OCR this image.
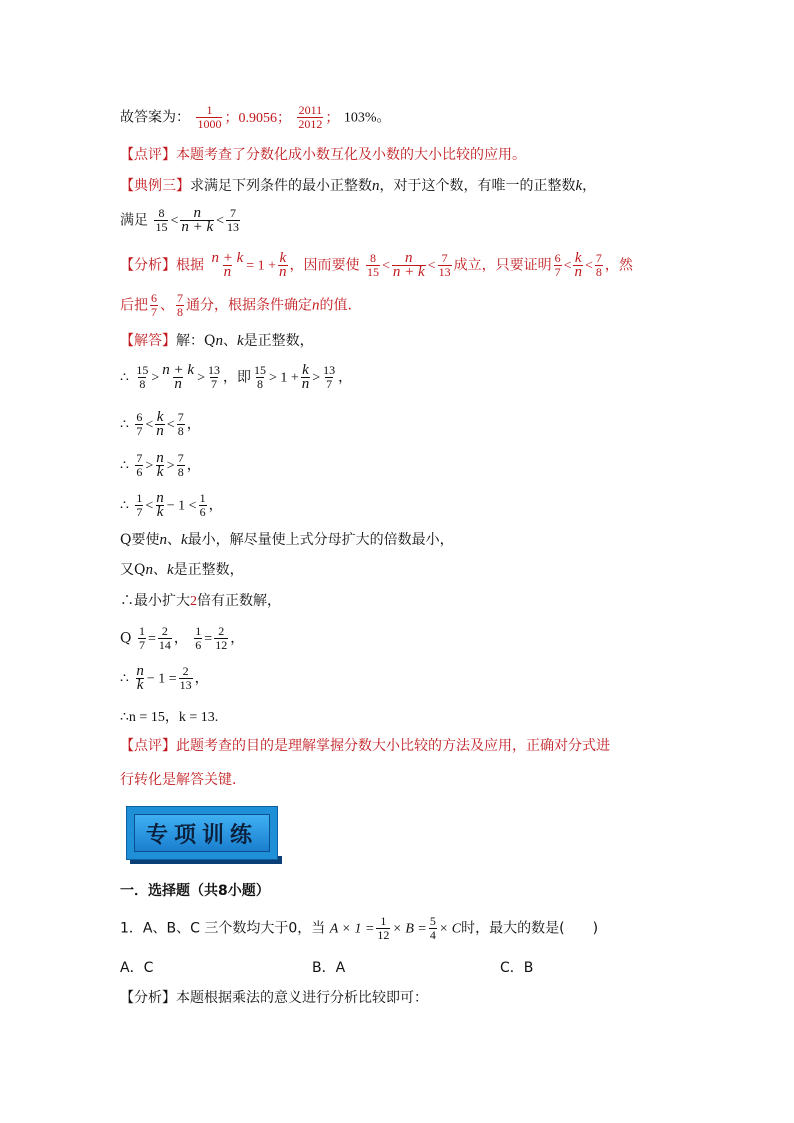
故答案为： $\frac{1}{1000}$ ；0.9056； $\frac{2011}{2012}$ ； 103%。
【点评】本题考查了分数化成小数互化及小数的大小比较的应用。
【典例三】求满足下列条件的最小正整数n，对于这个数，有唯一的正整数k，
满足 $\frac{8}{15} < \frac{n}{n + k} < \frac{7}{13}$
【分析】根据 $\frac{n + k}{n} = 1 + \frac{k}{n}$ ，因而要使 $\frac{8}{15} < \frac{n}{n + k} < \frac{7}{13}$ 成立，只要证明 $\frac{6}{7} < \frac{k}{n} < \frac{7}{8}$ ，然
后把 $\frac{6}{7}$ 、 $\frac{7}{8}$ 通分，根据条件确定n的值.
【解答】解：Qn、k是正整数，
∴ $\frac{15}{8} > \frac{n + k}{n} > \frac{13}{7}$ ，即 $\frac{15}{8} > 1 + \frac{k}{n} > \frac{13}{7}$ ，
∴ $\frac{6}{7} < \frac{k}{n} < \frac{7}{8}$ ，
∴ $\frac{7}{6} > \frac{n}{k} > \frac{7}{8}$ ，
∴ $\frac{1}{7} < \frac{n}{k} - 1 < \frac{1}{6}$ ，
Q要使n、k最小，解尽量使上式分母扩大的倍数最小，
又Qn、k是正整数，
∴最小扩大2倍有正数解，
Q $\frac{1}{7} = \frac{2}{14}$ ， $\frac{1}{6} = \frac{2}{12}$ ，
∴ $\frac{n}{k} - 1 = \frac{2}{13}$ ，
∴n = 15，k = 13.
【点评】此题考查的目的是理解掌握分数大小比较的方法及应用，正确对分式进
行转化是解答关键.
专项训练
一．选择题（共8小题）
1．A、B、C 三个数均大于0，当 $A \times 1 = \frac{1}{12} \times B = \frac{5}{4} \times C$时，最大的数是(　　)
A．C	B．A	C．B
【分析】本题根据乘法的意义进行分析比较即可：
